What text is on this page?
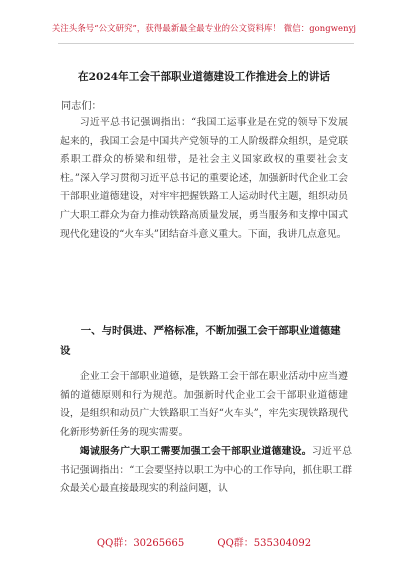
关注头条号“公文研究”，获得最新最全最专业的公文资料库！ 微信：gongwenyj
在2024年工会干部职业道德建设工作推进会上的讲话
同志们：

习近平总书记强调指出：“我国工运事业是在党的领导下发展起来的，我国工会是中国共产党领导的工人阶级群众组织，是党联系职工群众的桥梁和纽带，是社会主义国家政权的重要社会支柱。”深入学习贯彻习近平总书记的重要论述，加强新时代企业工会干部职业道德建设，对牢牢把握铁路工人运动时代主题，组织动员广大职工群众为奋力推动铁路高质量发展，勇当服务和支撑中国式现代化建设的“火车头”团结奋斗意义重大。下面，我讲几点意见。

一、与时俱进、严格标准，不断加强工会干部职业道德建设

企业工会干部职业道德，是铁路工会干部在职业活动中应当遵循的道德原则和行为规范。加强新时代企业工会干部职业道德建设，是组织和动员广大铁路职工当好“火车头”，牢先实现铁路现代化新形势新任务的现实需要。

竭诚服务广大职工需要加强工会干部职业道德建设。习近平总书记强调指出：“工会要坚持以职工为中心的工作导向，抓住职工群众最关心最直接最现实的利益问题，认

QQ群：30265665	QQ群：535304092
